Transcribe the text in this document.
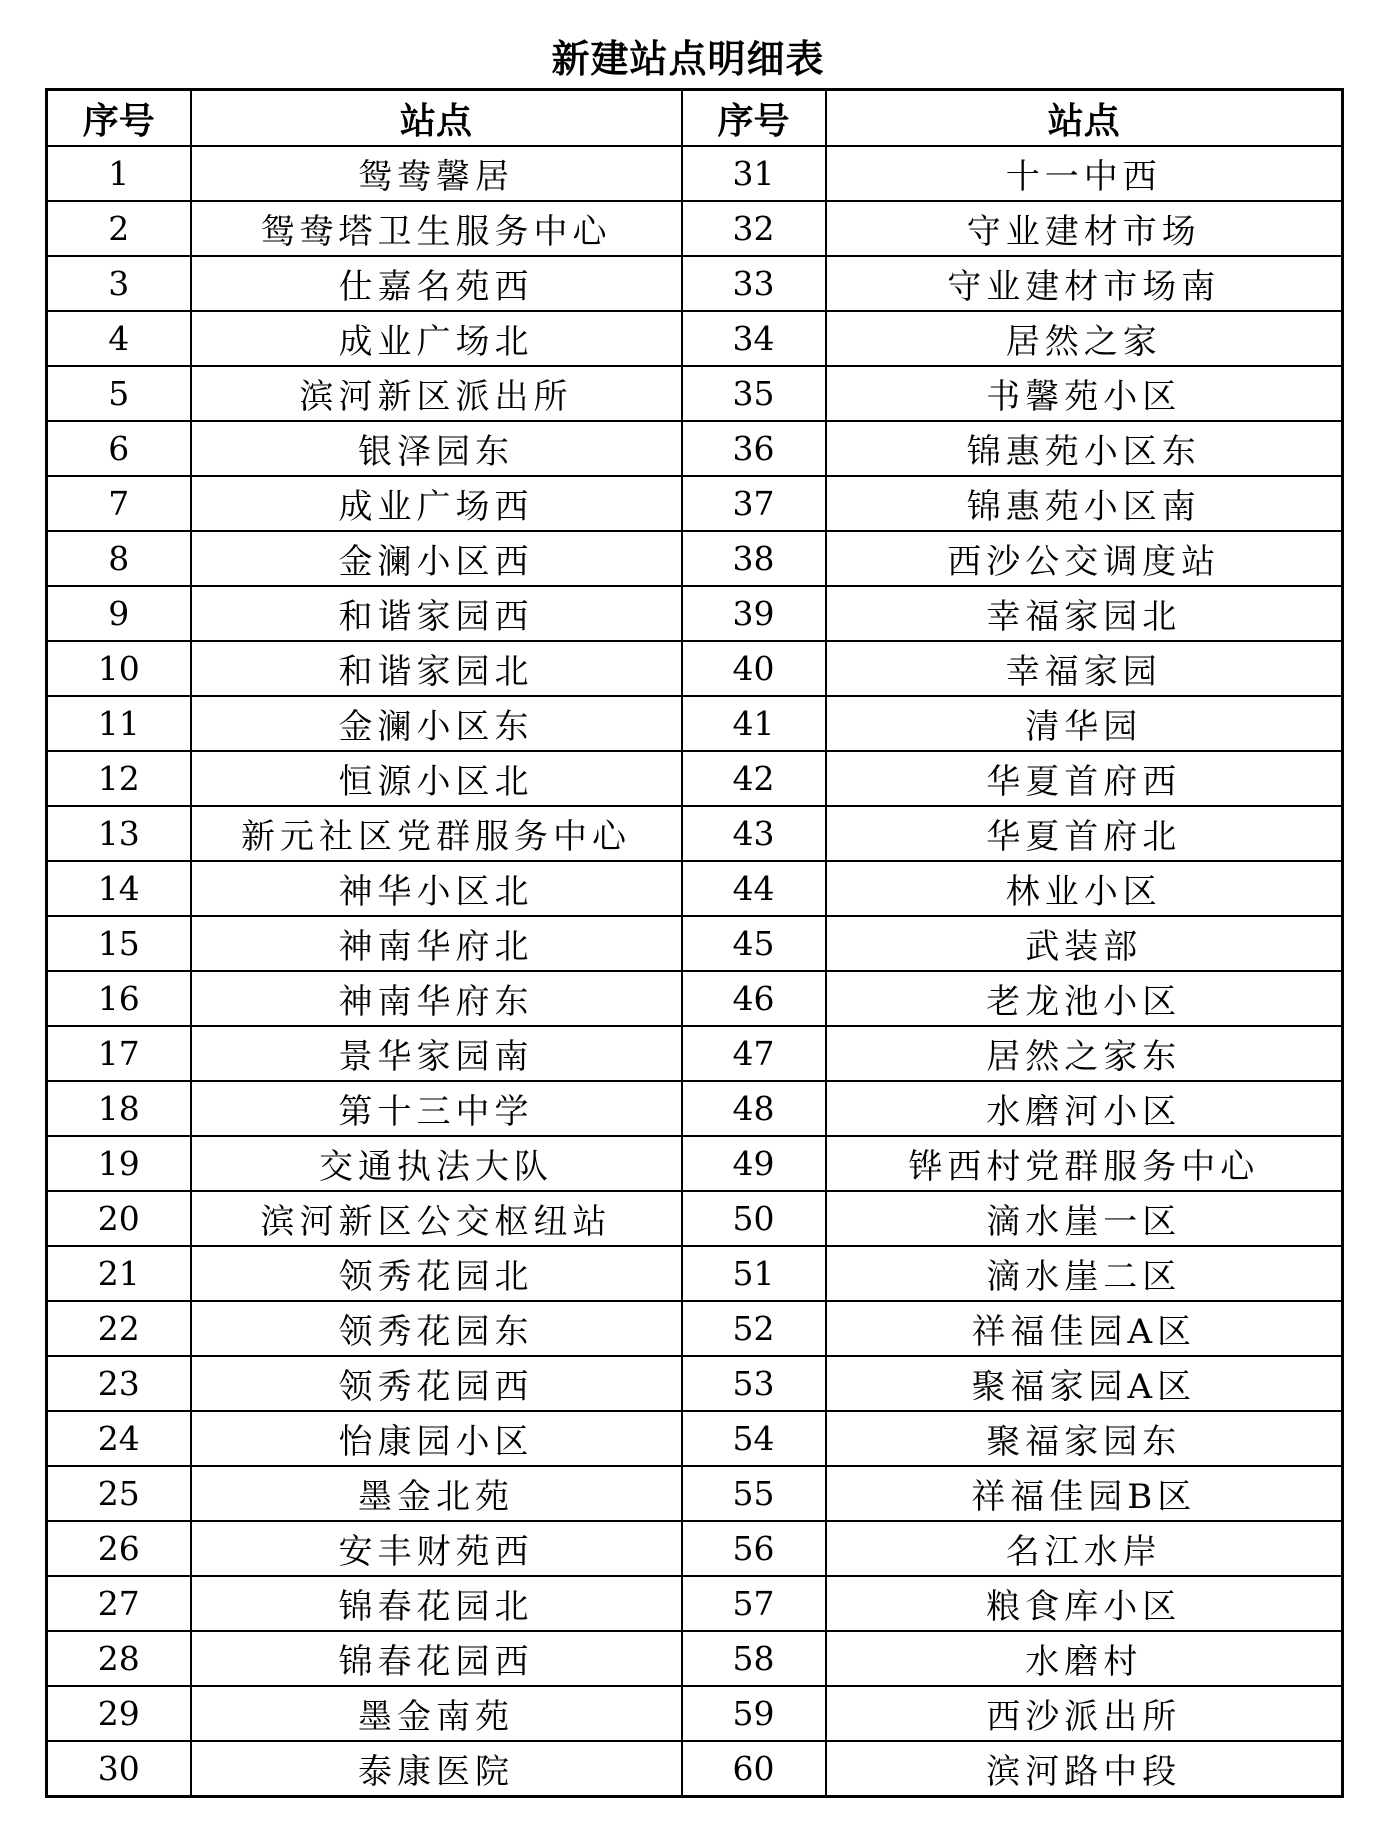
新建站点明细表
序号	站点	序号	站点
1	鸳鸯馨居	31	十一中西
2	鸳鸯塔卫生服务中心	32	守业建材市场
3	仕嘉名苑西	33	守业建材市场南
4	成业广场北	34	居然之家
5	滨河新区派出所	35	书馨苑小区
6	银泽园东	36	锦惠苑小区东
7	成业广场西	37	锦惠苑小区南
8	金澜小区西	38	西沙公交调度站
9	和谐家园西	39	幸福家园北
10	和谐家园北	40	幸福家园
11	金澜小区东	41	清华园
12	恒源小区北	42	华夏首府西
13	新元社区党群服务中心	43	华夏首府北
14	神华小区北	44	林业小区
15	神南华府北	45	武装部
16	神南华府东	46	老龙池小区
17	景华家园南	47	居然之家东
18	第十三中学	48	水磨河小区
19	交通执法大队	49	铧西村党群服务中心
20	滨河新区公交枢纽站	50	滴水崖一区
21	领秀花园北	51	滴水崖二区
22	领秀花园东	52	祥福佳园A区
23	领秀花园西	53	聚福家园A区
24	怡康园小区	54	聚福家园东
25	墨金北苑	55	祥福佳园B区
26	安丰财苑西	56	名江水岸
27	锦春花园北	57	粮食库小区
28	锦春花园西	58	水磨村
29	墨金南苑	59	西沙派出所
30	泰康医院	60	滨河路中段
